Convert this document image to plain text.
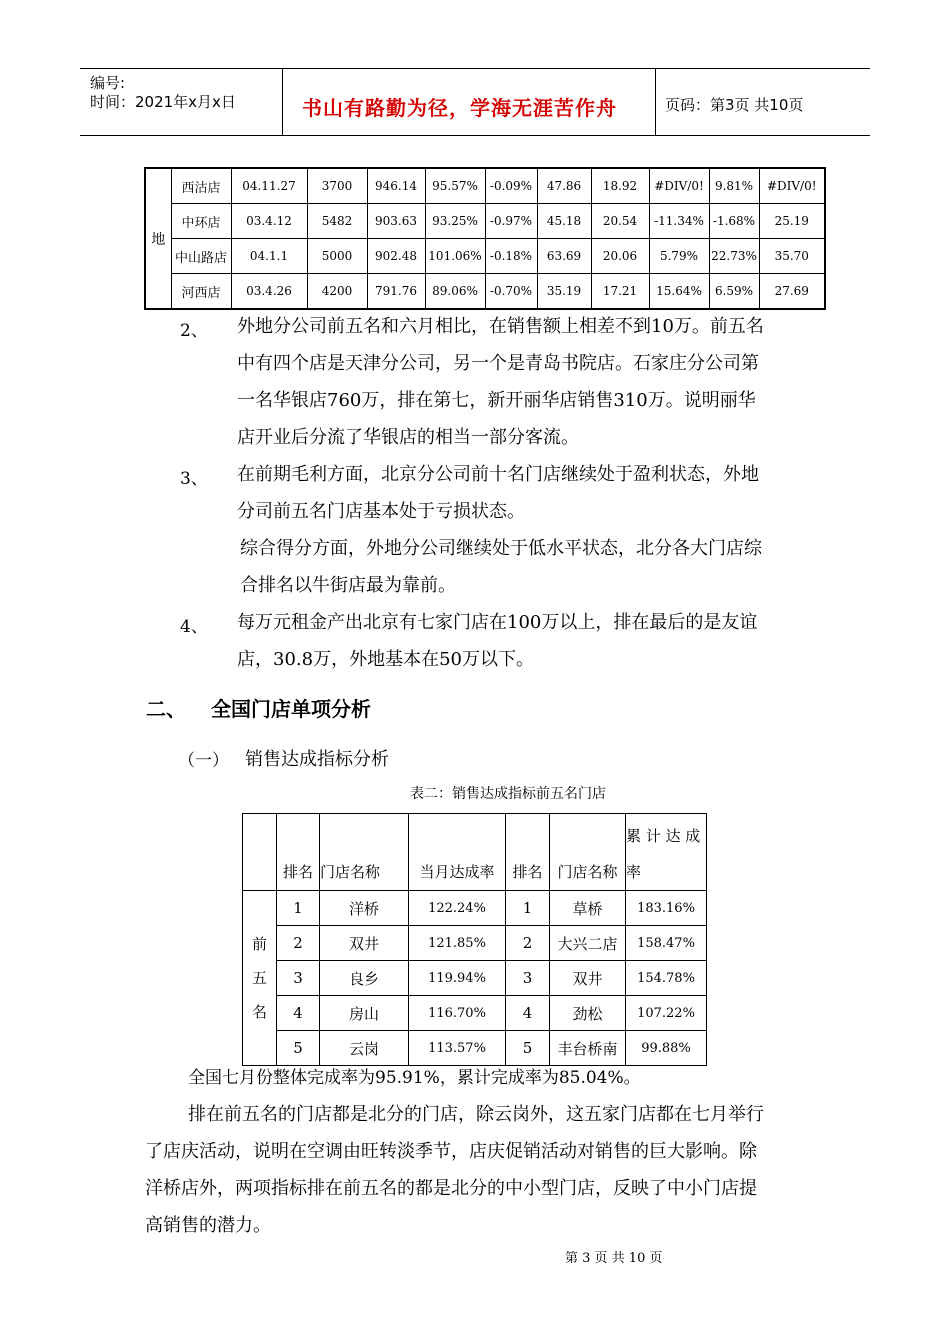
编号:
时间：2021年x月x日	书山有路勤为径，学海无涯苦作舟	页码：第3页 共10页
地	西沽店	04.11.27	3700	946.14	95.57%	-0.09%	47.86	18.92	#DIV/0!	9.81%	#DIV/0!
	中环店	03.4.12	5482	903.63	93.25%	-0.97%	45.18	20.54	-11.34%	-1.68%	25.19
	中山路店	04.1.1	5000	902.48	101.06%	-0.18%	63.69	20.06	5.79%	22.73%	35.70
	河西店	03.4.26	4200	791.76	89.06%	-0.70%	35.19	17.21	15.64%	6.59%	27.69
2、 外地分公司前五名和六月相比，在销售额上相差不到10万。前五名
中有四个店是天津分公司，另一个是青岛书院店。石家庄分公司第
一名华银店760万，排在第七，新开丽华店销售310万。说明丽华
店开业后分流了华银店的相当一部分客流。
3、 在前期毛利方面，北京分公司前十名门店继续处于盈利状态，外地
分司前五名门店基本处于亏损状态。
综合得分方面，外地分公司继续处于低水平状态，北分各大门店综
合排名以牛街店最为靠前。
4、 每万元租金产出北京有七家门店在100万以上，排在最后的是友谊
店，30.8万，外地基本在50万以下。
二、 全国门店单项分析
（一） 销售达成指标分析
表二：销售达成指标前五名门店
	排名	门店名称	当月达成率	排名	门店名称	累 计 达 成
率

前
五
名	1	洋桥	122.24%	1	草桥	183.16%
	2	双井	121.85%	2	大兴二店	158.47%
	3	良乡	119.94%	3	双井	154.78%
	4	房山	116.70%	4	劲松	107.22%
	5	云岗	113.57%	5	丰台桥南	99.88%
全国七月份整体完成率为95.91%，累计完成率为85.04%。
排在前五名的门店都是北分的门店，除云岗外，这五家门店都在七月举行
了店庆活动，说明在空调由旺转淡季节，店庆促销活动对销售的巨大影响。除
洋桥店外，两项指标排在前五名的都是北分的中小型门店，反映了中小门店提
高销售的潜力。
第 3 页 共 10 页
